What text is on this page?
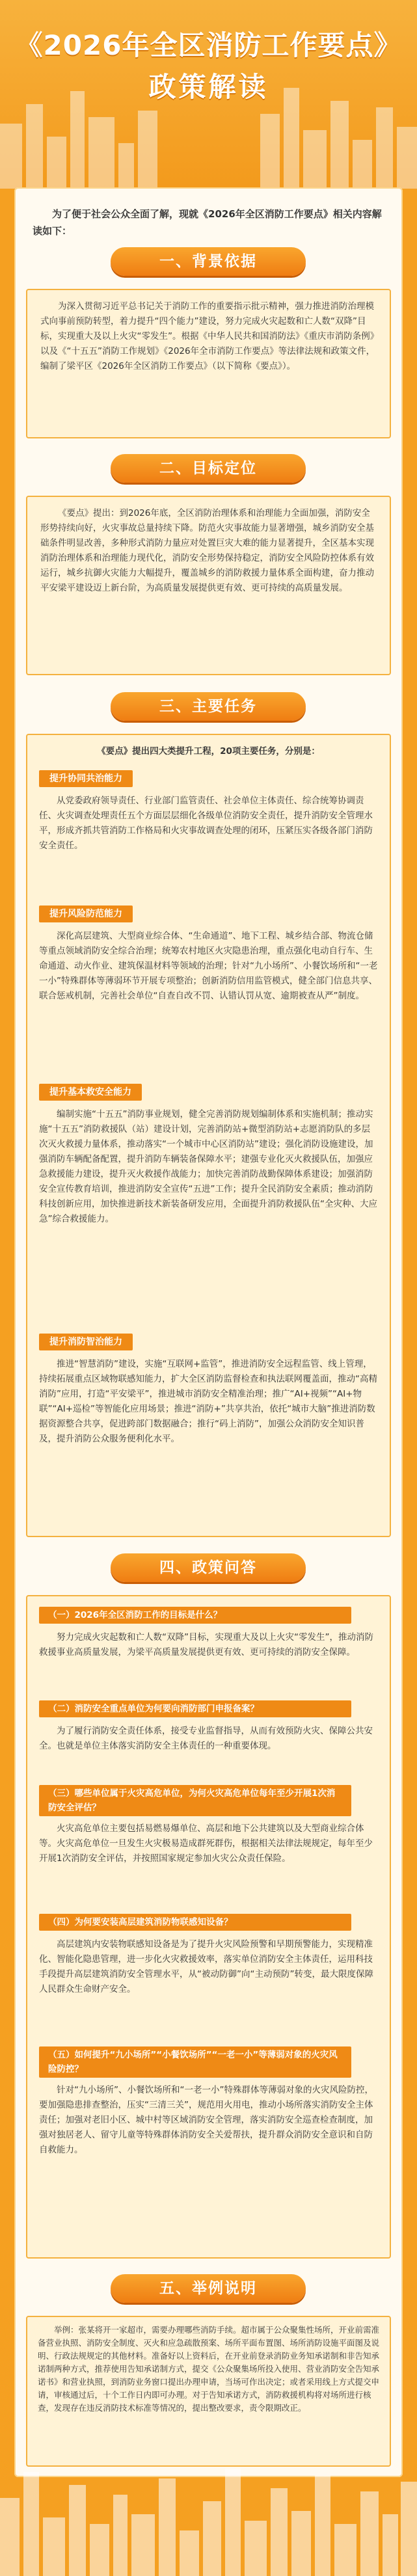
《2026年全区消防工作要点》
政策解读
为了便于社会公众全面了解，现就《2026年全区消防工作要点》相关内容解读如下：
一、背景依据

为深入贯彻习近平总书记关于消防工作的重要指示批示精神，强力推进消防治理模式向事前预防转型，着力提升“四个能力”建设，努力完成火灾起数和亡人数“双降”目标，实现重大及以上火灾“零发生”。根据《中华人民共和国消防法》《重庆市消防条例》以及《“十五五”消防工作规划》《2026年全市消防工作要点》等法律法规和政策文件，编制了梁平区《2026年全区消防工作要点》（以下简称《要点》）。

二、目标定位

《要点》提出：到2026年底，全区消防治理体系和治理能力全面加强，消防安全形势持续向好，火灾事故总量持续下降。防范火灾事故能力显著增强，城乡消防安全基础条件明显改善，多种形式消防力量应对处置巨灾大难的能力显著提升，全区基本实现消防治理体系和治理能力现代化，消防安全形势保持稳定，消防安全风险防控体系有效运行，城乡抗御火灾能力大幅提升，覆盖城乡的消防救援力量体系全面构建，奋力推动平安梁平建设迈上新台阶，为高质量发展提供更有效、更可持续的高质量发展。

三、主要任务

《要点》提出四大类提升工程，20项主要任务，分别是：

提升协同共治能力

从党委政府领导责任、行业部门监管责任、社会单位主体责任、综合统筹协调责任、火灾调查处理责任五个方面层层细化各级单位消防安全责任，提升消防安全管理水平，形成齐抓共管消防工作格局和火灾事故调查处理的闭环，压紧压实各级各部门消防安全责任。

提升风险防范能力

深化高层建筑、大型商业综合体、“生命通道”、地下工程、城乡结合部、物流仓储等重点领域消防安全综合治理；统筹农村地区火灾隐患治理，重点强化电动自行车、生命通道、动火作业、建筑保温材料等领域的治理；针对“九小场所”、小餐饮场所和“一老一小”特殊群体等薄弱环节开展专项整治；创新消防信用监管模式，健全部门信息共享、联合惩戒机制，完善社会单位“自查自改不罚、认错认罚从宽、逾期被查从严”制度。

提升基本救安全能力

编制实施“十五五”消防事业规划，健全完善消防规划编制体系和实施机制；推动实施“十五五”消防救援队（站）建设计划，完善消防站+微型消防站+志愿消防队的多层次灭火救援力量体系，推动落实“一个城市中心区消防站”建设；强化消防设施建设，加强消防车辆配备配置，提升消防车辆装备保障水平；建强专业化灭火救援队伍，加强应急救援能力建设，提升灭火救援作战能力；加快完善消防战勤保障体系建设；加强消防安全宣传教育培训，推进消防安全宣传“五进”工作；提升全民消防安全素质；推动消防科技创新应用，加快推进新技术新装备研发应用，全面提升消防救援队伍“全灾种、大应急”综合救援能力。

提升消防智治能力

推进“智慧消防”建设，实施“互联网+监管”，推进消防安全远程监管、线上管理，持续拓展重点区域物联感知能力，扩大全区消防监督检查和执法联网覆盖面，推动“高精消防”应用，打造“平安梁平”，推进城市消防安全精准治理；推广“AI+视频”“AI+物联”“AI+巡检”等智能化应用场景；推进“消防+”共享共治，依托“城市大脑”推进消防数据资源整合共享，促进跨部门数据融合；推行“码上消防”，加强公众消防安全知识普及，提升消防公众服务便利化水平。

四、政策问答
（一）2026年全区消防工作的目标是什么？

努力完成火灾起数和亡人数“双降”目标，实现重大及以上火灾“零发生”，推动消防救援事业高质量发展，为梁平高质量发展提供更有效、更可持续的消防安全保障。

（二）消防安全重点单位为何要向消防部门申报备案？

为了履行消防安全责任体系，接受专业监督指导，从而有效预防火灾、保障公共安全。也就是单位主体落实消防安全主体责任的一种重要体现。

（三）哪些单位属于火灾高危单位，为何火灾高危单位每年至少开展1次消防安全评估？

火灾高危单位主要包括易燃易爆单位、高层和地下公共建筑以及大型商业综合体等。火灾高危单位一旦发生火灾极易造成群死群伤，根据相关法律法规规定，每年至少开展1次消防安全评估，并按照国家规定参加火灾公众责任保险。

（四）为何要安装高层建筑消防物联感知设备？

高层建筑内安装物联感知设备是为了提升火灾风险预警和早期预警能力，实现精准化、智能化隐患管理，进一步化火灾救援效率，落实单位消防安全主体责任，运用科技手段提升高层建筑消防安全管理水平，从“被动防御”向“主动预防”转变，最大限度保障人民群众生命财产安全。

（五）如何提升“九小场所”“小餐饮场所”“一老一小”等薄弱对象的火灾风险防控？

针对“九小场所”、小餐饮场所和“一老一小”特殊群体等薄弱对象的火灾风险防控，要加强隐患排查整治，压实“三清三关”，规范用火用电，推动小场所落实消防安全主体责任；加强对老旧小区、城中村等区域消防安全管理，落实消防安全巡查检查制度，加强对独居老人、留守儿童等特殊群体消防安全关爱帮扶，提升群众消防安全意识和自防自救能力。

五、举例说明

举例：张某将开一家超市，需要办理哪些消防手续。超市属于公众聚集性场所，开业前需准备营业执照、消防安全制度、灭火和应急疏散预案、场所平面布置图、场所消防设施平面图及说明、行政法规规定的其他材料。准备好以上资料后，在开业前登录消防业务知承诺制和非告知承诺制两种方式，推荐使用告知承诺制方式，提交《公众聚集场所投入使用、营业消防安全告知承诺书》和营业执照，到消防业务窗口提出办理申请，当场可作出决定；或者采用线上方式提交申请，审核通过后，十个工作日内即可办理。对于告知承诺方式，消防救援机构将对场所进行核查，发现存在违反消防技术标准等情况的，提出整改要求，责令限期改正。
